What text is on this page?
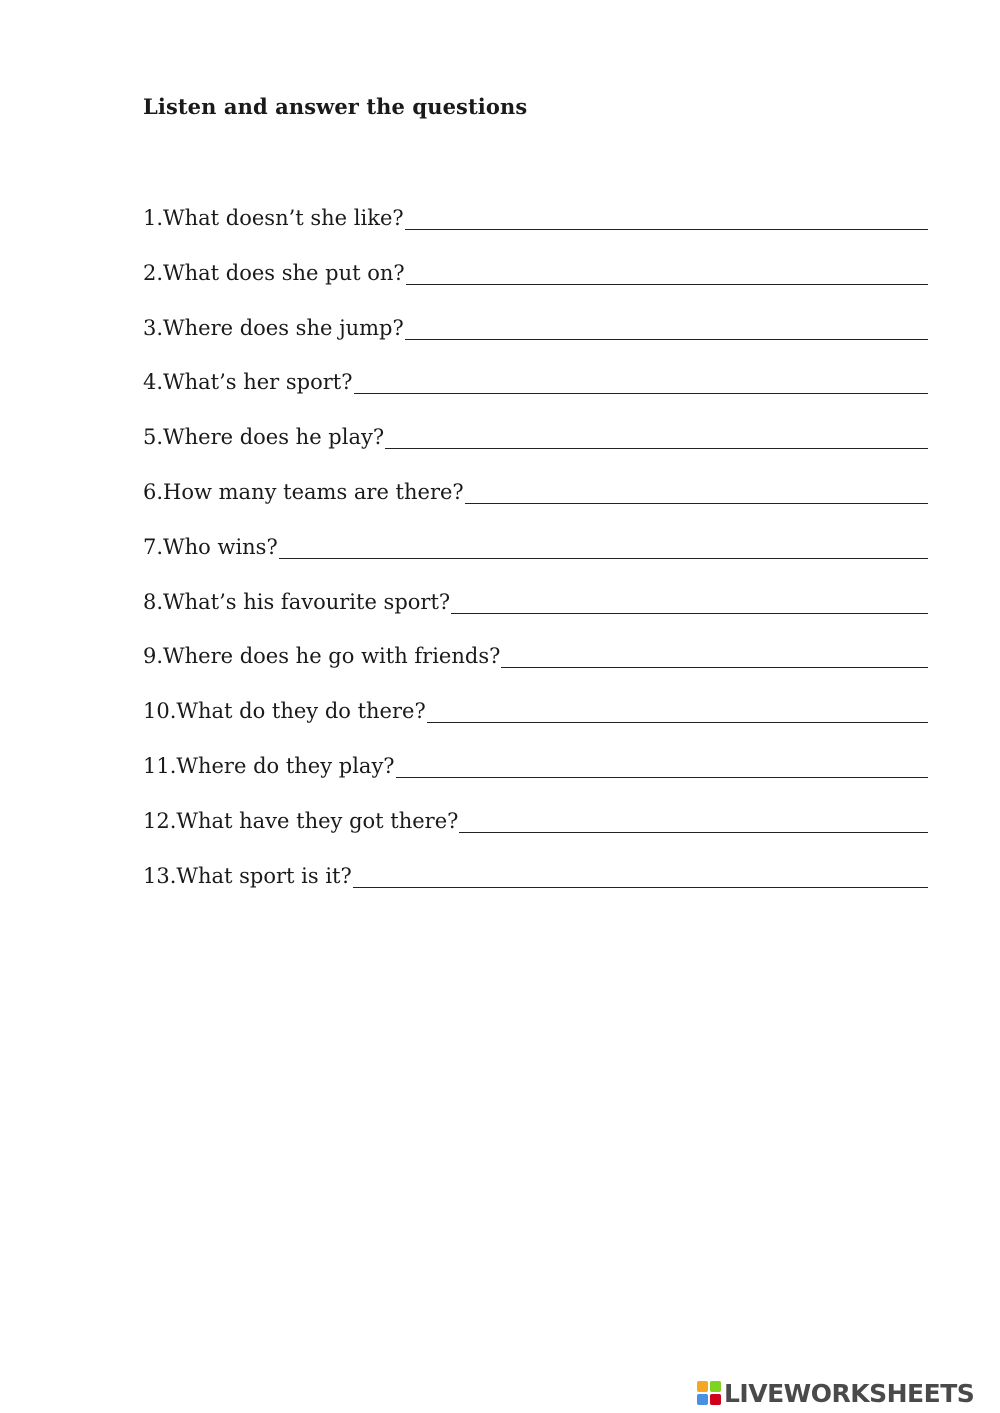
Listen and answer the questions
1.What doesn’t she like?
2.What does she put on?
3.Where does she jump?
4.What’s her sport?
5.Where does he play?
6.How many teams are there?
7.Who wins?
8.What’s his favourite sport?
9.Where does he go with friends?
10.What do they do there?
11.Where do they play?
12.What have they got there?
13.What sport is it?
LIVEWORKSHEETS
